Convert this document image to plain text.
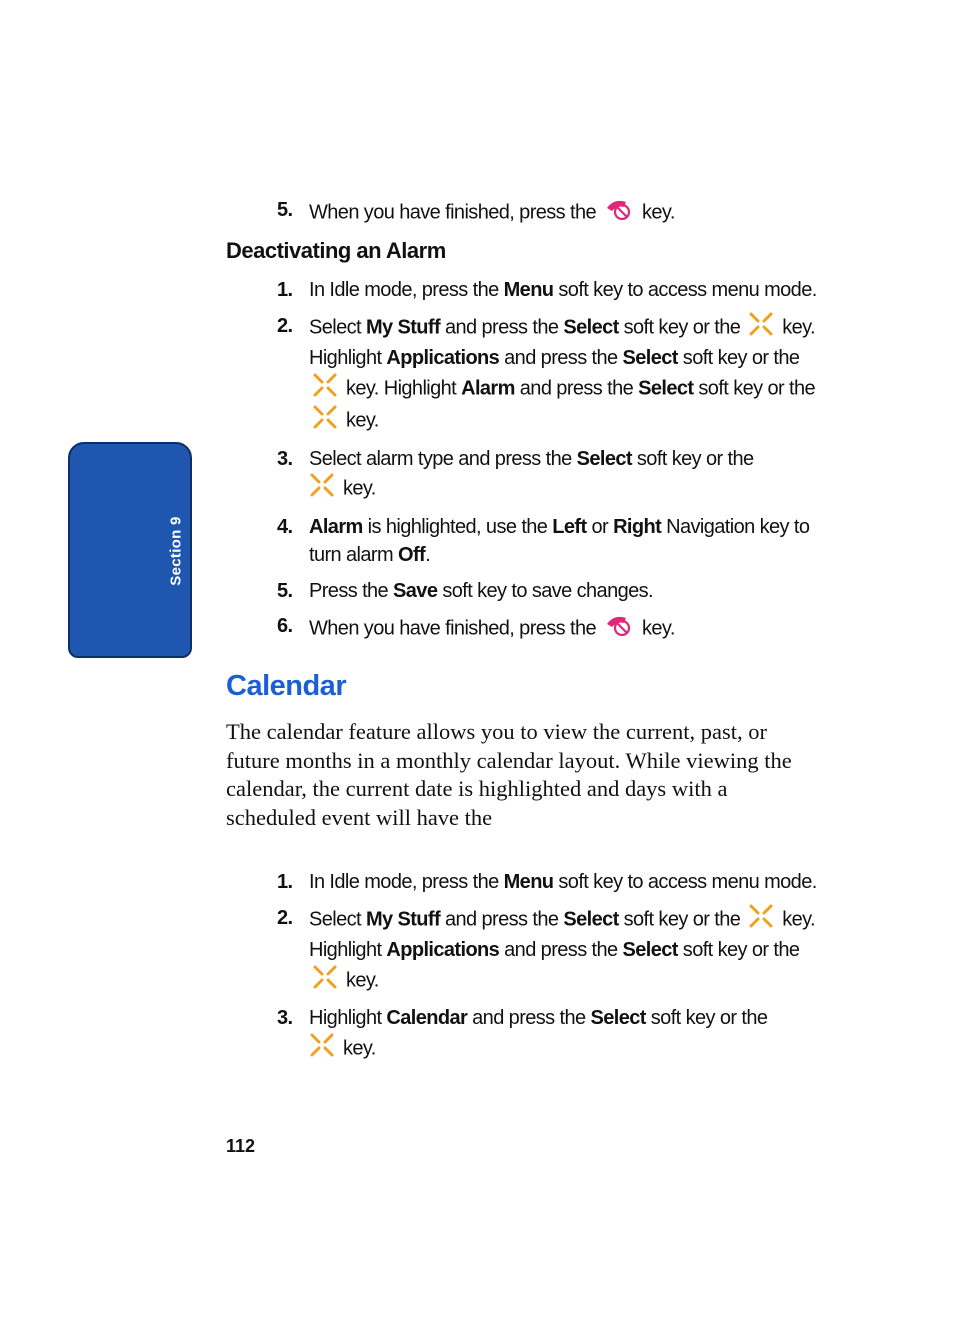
Section 9
5. When you have finished, press the key.
Deactivating an Alarm
1. In Idle mode, press the Menu soft key to access menu mode.
2. Select My Stuff and press the Select soft key or the key. Highlight Applications and press the Select soft key or the  key. Highlight Alarm and press the Select soft key or the  key.
3. Select alarm type and press the Select soft key or the
key.
4. Alarm is highlighted, use the Left or Right Navigation key to turn alarm Off.
5. Press the Save soft key to save changes.
6. When you have finished, press the key.
Calendar
The calendar feature allows you to view the current, past, or future months in a monthly calendar layout. While viewing the calendar, the current date is highlighted and days with a scheduled event will have the
1. In Idle mode, press the Menu soft key to access menu mode.
2. Select My Stuff and press the Select soft key or the key. Highlight Applications and press the Select soft key or the  key.
3. Highlight Calendar and press the Select soft key or the
key.
112
